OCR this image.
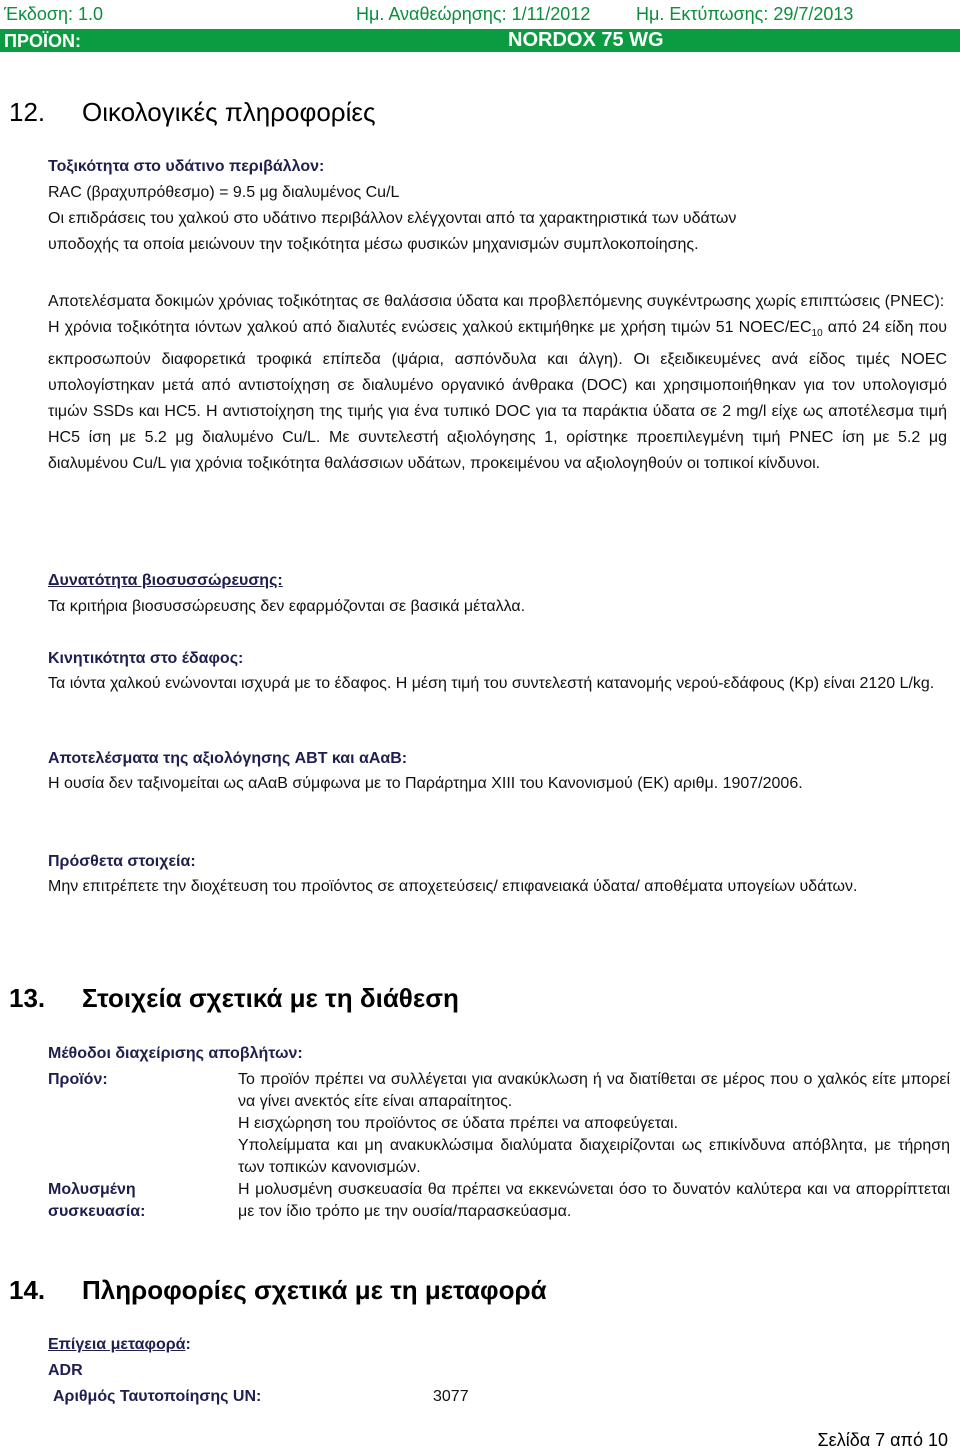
Έκδοση: 1.0	Ημ. Αναθεώρησης: 1/11/2012	Ημ. Εκτύπωσης: 29/7/2013
ΠΡΟΪΟΝ:	NORDOX 75 WG
12. Οικολογικές πληροφορίες
Τοξικότητα στο υδάτινο περιβάλλον:
RAC (βραχυπρόθεσμο) = 9.5 μg διαλυμένος Cu/L
Οι επιδράσεις του χαλκού στο υδάτινο περιβάλλον ελέγχονται από τα χαρακτηριστικά των υδάτων
υποδοχής τα οποία μειώνουν την τοξικότητα μέσω φυσικών μηχανισμών συμπλοκοποίησης.
Αποτελέσματα δοκιμών χρόνιας τοξικότητας σε θαλάσσια ύδατα και προβλεπόμενης συγκέντρωσης χωρίς επιπτώσεις (PNEC):
Η χρόνια τοξικότητα ιόντων χαλκού από διαλυτές ενώσεις χαλκού εκτιμήθηκε με χρήση τιμών 51 NOEC/$EC_{10}$ από 24 είδη που εκπροσωπούν διαφορετικά τροφικά επίπεδα (ψάρια, ασπόνδυλα και άλγη). Οι εξειδικευμένες ανά είδος τιμές NOEC υπολογίστηκαν μετά από αντιστοίχηση σε διαλυμένο οργανικό άνθρακα (DOC) και χρησιμοποιήθηκαν για τον υπολογισμό τιμών SSDs και HC5. Η αντιστοίχηση της τιμής για ένα τυπικό DOC για τα παράκτια ύδατα σε 2 mg/l είχε ως αποτέλεσμα τιμή HC5 ίση με 5.2 μg διαλυμένο Cu/L. Με συντελεστή αξιολόγησης 1, ορίστηκε προεπιλεγμένη τιμή PNEC ίση με 5.2 μg διαλυμένου Cu/L για χρόνια τοξικότητα θαλάσσιων υδάτων, προκειμένου να αξιολογηθούν οι τοπικοί κίνδυνοι.
Δυνατότητα βιοσυσσώρευσης:
Τα κριτήρια βιοσυσσώρευσης δεν εφαρμόζονται σε βασικά μέταλλα.
Κινητικότητα στο έδαφος:
Τα ιόντα χαλκού ενώνονται ισχυρά με το έδαφος. Η μέση τιμή του συντελεστή κατανομής νερού-εδάφους (Kp) είναι 2120 L/kg.
Αποτελέσματα της αξιολόγησης ABT και αΑαΒ:
Η ουσία δεν ταξινομείται ως αΑαΒ σύμφωνα με το Παράρτημα XIII του Κανονισμού (ΕΚ) αριθμ. 1907/2006.
Πρόσθετα στοιχεία:
Μην επιτρέπετε την διοχέτευση του προϊόντος σε αποχετεύσεις/ επιφανειακά ύδατα/ αποθέματα υπογείων υδάτων.
13. Στοιχεία σχετικά με τη διάθεση
Μέθοδοι διαχείρισης αποβλήτων:
Προϊόν:	Το προϊόν πρέπει να συλλέγεται για ανακύκλωση ή να διατίθεται σε μέρος που ο χαλκός είτε μπορεί να γίνει ανεκτός είτε είναι απαραίτητος.
Η εισχώρηση του προϊόντος σε ύδατα πρέπει να αποφεύγεται.
Υπολείμματα και μη ανακυκλώσιμα διαλύματα διαχειρίζονται ως επικίνδυνα απόβλητα, με τήρηση των τοπικών κανονισμών.
Μολυσμένη
συσκευασία:
Η μολυσμένη συσκευασία θα πρέπει να εκκενώνεται όσο το δυνατόν καλύτερα και να απορρίπτεται με τον ίδιο τρόπο με την ουσία/παρασκεύασμα.
14. Πληροφορίες σχετικά με τη μεταφορά
Επίγεια μεταφορά:
ADR
Αριθμός Ταυτοποίησης UN:	3077
Σελίδα 7 από 10
